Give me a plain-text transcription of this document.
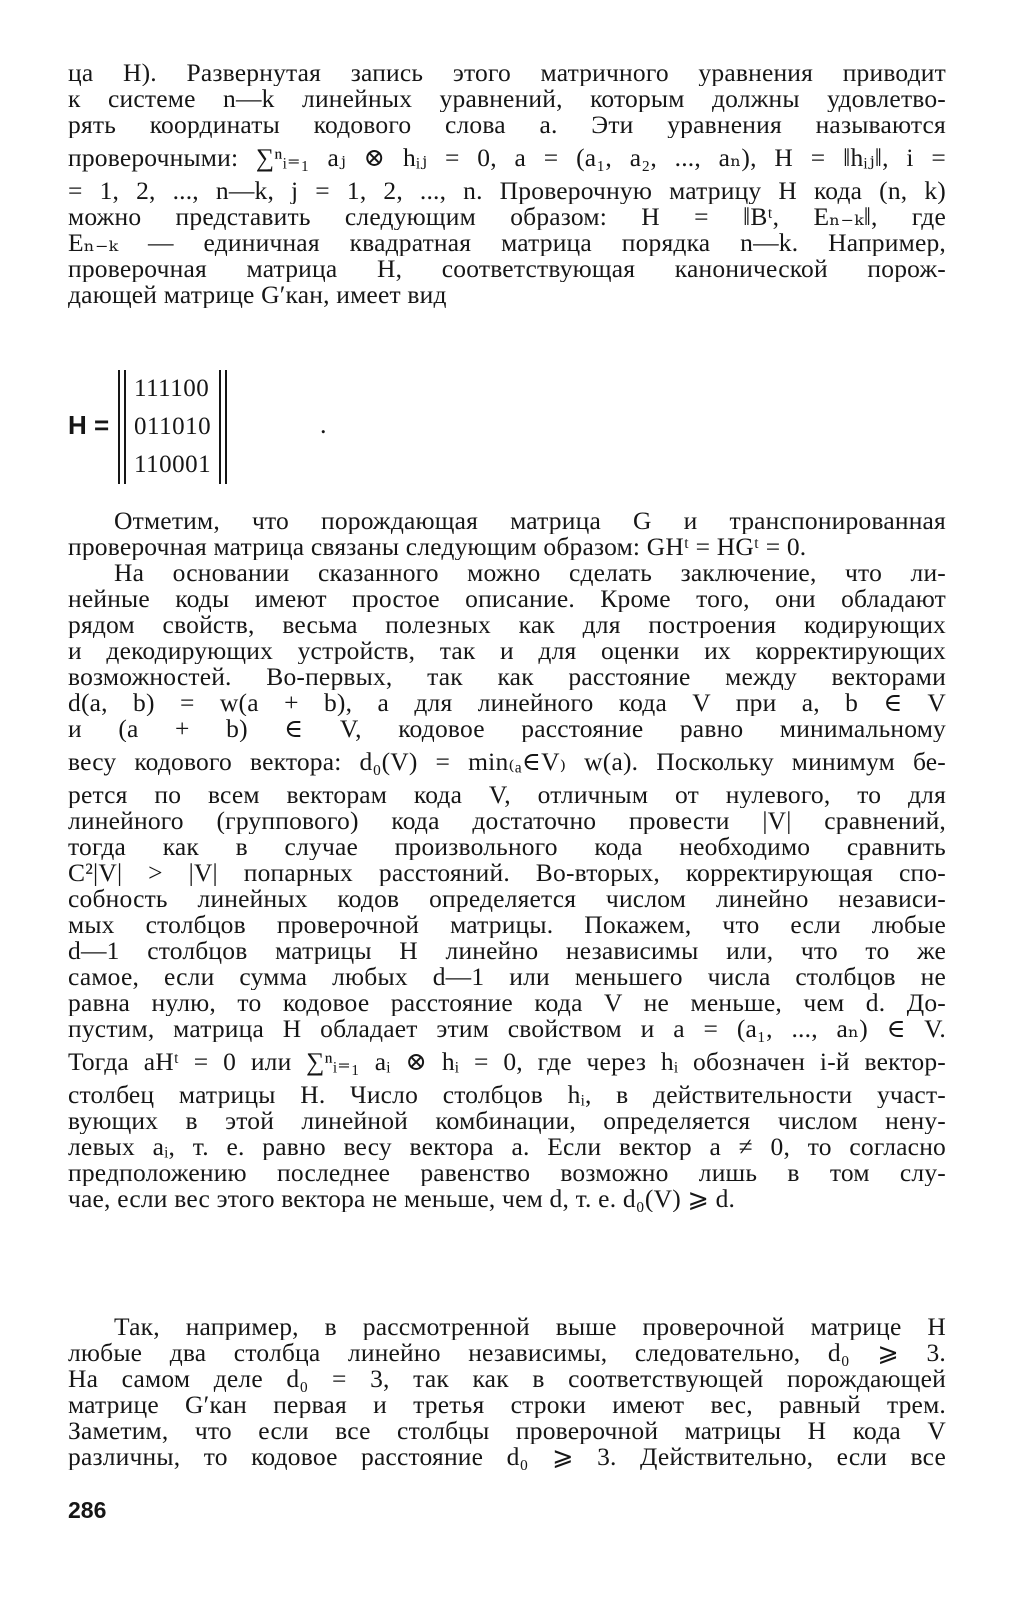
ца H). Развернутая запись этого матричного уравнения приводит
к системе n—k линейных уравнений, которым должны удовлетво-
рять координаты кодового слова a. Эти уравнения называются
проверочными: ∑ⁿᵢ₌₁ aⱼ ⊗ hᵢⱼ = 0, a = (a₁, a₂, ..., aₙ), H = ‖hᵢⱼ‖, i =
= 1, 2, ..., n—k, j = 1, 2, ..., n. Проверочную матрицу H кода (n, k)
можно представить следующим образом: H = ‖Bᵗ, Eₙ₋ₖ‖, где
Eₙ₋ₖ — единичная квадратная матрица порядка n—k. Например,
проверочная матрица H, соответствующая канонической порож-
дающей матрице G′кан, имеет вид
H =
111100
011010
110001
.
Отметим, что порождающая матрица G и транспонированная
проверочная матрица связаны следующим образом: GHᵗ = HGᵗ = 0.
На основании сказанного можно сделать заключение, что ли-
нейные коды имеют простое описание. Кроме того, они обладают
рядом свойств, весьма полезных как для построения кодирующих
и декодирующих устройств, так и для оценки их корректирующих
возможностей. Во-первых, так как расстояние между векторами
d(a, b) = w(a + b), а для линейного кода V при a, b ∈ V
и (a + b) ∈ V, кодовое расстояние равно минимальному
весу кодового вектора: d₀(V) = min₍ₐ∈V₎ w(a). Поскольку минимум бе-
рется по всем векторам кода V, отличным от нулевого, то для
линейного (группового) кода достаточно провести |V| сравнений,
тогда как в случае произвольного кода необходимо сравнить
C²|V| > |V| попарных расстояний. Во-вторых, корректирующая спо-
собность линейных кодов определяется числом линейно независи-
мых столбцов проверочной матрицы. Покажем, что если любые
d—1 столбцов матрицы H линейно независимы или, что то же
самое, если сумма любых d—1 или меньшего числа столбцов не
равна нулю, то кодовое расстояние кода V не меньше, чем d. До-
пустим, матрица H обладает этим свойством и a = (a₁, ..., aₙ) ∈ V.
Тогда aHᵗ = 0 или ∑ⁿᵢ₌₁ aᵢ ⊗ hᵢ = 0, где через hᵢ обозначен i-й вектор-
столбец матрицы H. Число столбцов hᵢ, в действительности участ-
вующих в этой линейной комбинации, определяется числом нену-
левых aᵢ, т. е. равно весу вектора a. Если вектор a ≠ 0, то согласно
предположению последнее равенство возможно лишь в том слу-
чае, если вес этого вектора не меньше, чем d, т. е. d₀(V) ⩾ d.
Так, например, в рассмотренной выше проверочной матрице H
любые два столбца линейно независимы, следовательно, d₀ ⩾ 3.
На самом деле d₀ = 3, так как в соответствующей порождающей
матрице G′кан первая и третья строки имеют вес, равный трем.
Заметим, что если все столбцы проверочной матрицы H кода V
различны, то кодовое расстояние d₀ ⩾ 3. Действительно, если все
286
